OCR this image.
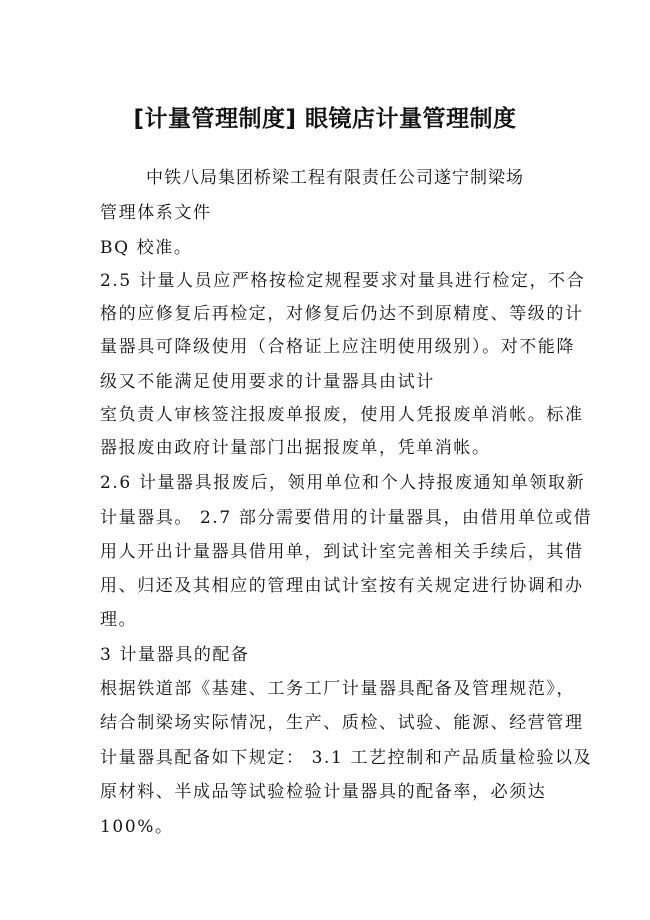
[计量管理制度] 眼镜店计量管理制度
中铁八局集团桥梁工程有限责任公司遂宁制梁场
管理体系文件
BQ 校准。
2.5 计量人员应严格按检定规程要求对量具进行检定，不合
格的应修复后再检定，对修复后仍达不到原精度、等级的计
量器具可降级使用（合格证上应注明使用级别）。对不能降
级又不能满足使用要求的计量器具由试计
室负责人审核签注报废单报废，使用人凭报废单消帐。标准
器报废由政府计量部门出据报废单，凭单消帐。
2.6 计量器具报废后，领用单位和个人持报废通知单领取新
计量器具。 2.7 部分需要借用的计量器具，由借用单位或借
用人开出计量器具借用单，到试计室完善相关手续后，其借
用、归还及其相应的管理由试计室按有关规定进行协调和办
理。
3 计量器具的配备
根据铁道部《基建、工务工厂计量器具配备及管理规范》，
结合制梁场实际情况，生产、质检、试验、能源、经营管理
计量器具配备如下规定： 3.1 工艺控制和产品质量检验以及
原材料、半成品等试验检验计量器具的配备率，必须达
100%。
